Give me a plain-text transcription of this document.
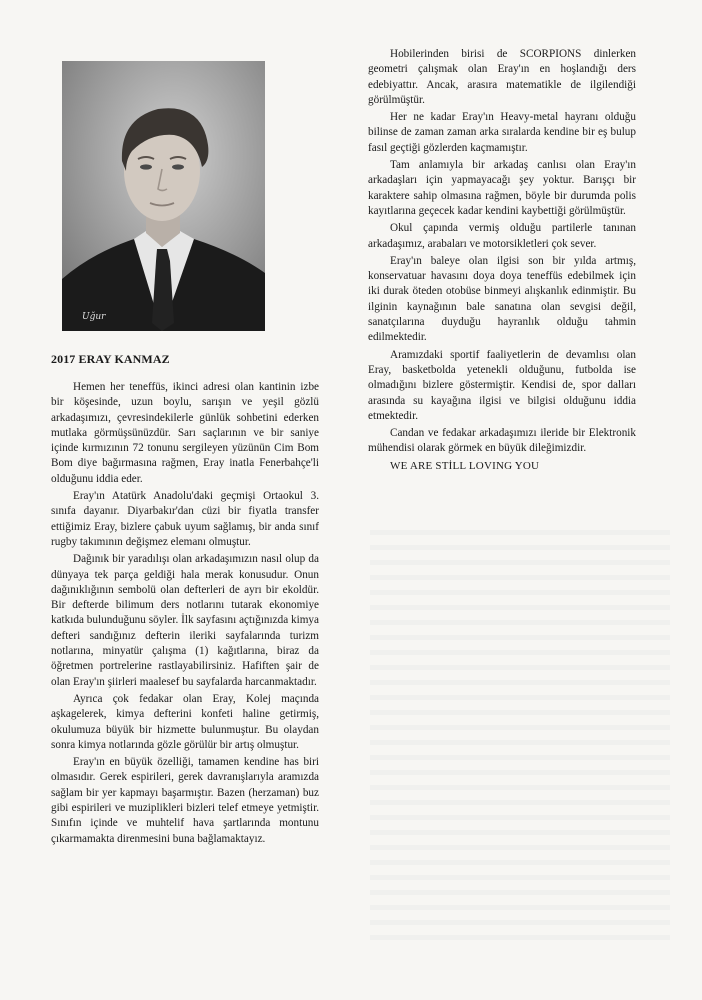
Uğur
2017 ERAY KANMAZ

Hemen her teneffüs, ikinci adresi olan kantinin izbe bir köşesinde, uzun boylu, sarışın ve yeşil gözlü arkadaşımızı, çevresindekilerle günlük sohbetini ederken mutlaka görmüşsünüzdür. Sarı saçlarının ve bir saniye içinde kırmızının 72 tonunu sergileyen yüzünün Cim Bom Bom diye bağırmasına rağmen, Eray inatla Fenerbahçe'li olduğunu iddia eder.

Eray'ın Atatürk Anadolu'daki geçmişi Ortaokul 3. sınıfa dayanır. Diyarbakır'dan cüzi bir fiyatla transfer ettiğimiz Eray, bizlere çabuk uyum sağlamış, bir anda sınıf rugby takımının değişmez elemanı olmuştur.

Dağınık bir yaradılışı olan arkadaşımızın nasıl olup da dünyaya tek parça geldiği hala merak konusudur. Onun dağınıklığının sembolü olan defterleri de ayrı bir ekoldür. Bir defterde bilimum ders notlarını tutarak ekonomiye katkıda bulunduğunu söyler. İlk sayfasını açtığınızda kimya defteri sandığınız defterin ileriki sayfalarında turizm notlarına, minyatür çalışma (1) kağıtlarına, biraz da öğretmen portrelerine rastlayabilirsiniz. Hafiften şair de olan Eray'ın şiirleri maalesef bu sayfalarda harcanmaktadır.

Ayrıca çok fedakar olan Eray, Kolej maçında aşkagelerek, kimya defterini konfeti haline getirmiş, okulumuza büyük bir hizmette bulunmuştur. Bu olaydan sonra kimya notlarında gözle görülür bir artış olmuştur.

Eray'ın en büyük özelliği, tamamen kendine has biri olmasıdır. Gerek espirileri, gerek davranışlarıyla aramızda sağlam bir yer kapmayı başarmıştır. Bazen (herzaman) buz gibi espirileri ve muziplikleri bizleri telef etmeye yetmiştir. Sınıfın içinde ve muhtelif hava şartlarında montunu çıkarmamakta direnmesini buna bağlamaktayız.

Hobilerinden birisi de SCORPIONS dinlerken geometri çalışmak olan Eray'ın en hoşlandığı ders edebiyattır. Ancak, arasıra matematikle de ilgilendiği görülmüştür.

Her ne kadar Eray'ın Heavy-metal hayranı olduğu bilinse de zaman zaman arka sıralarda kendine bir eş bulup fasıl geçtiği gözlerden kaçmamıştır.

Tam anlamıyla bir arkadaş canlısı olan Eray'ın arkadaşları için yapmayacağı şey yoktur. Barışçı bir karaktere sahip olmasına rağmen, böyle bir durumda polis kayıtlarına geçecek kadar kendini kaybettiği görülmüştür.

Okul çapında vermiş olduğu partilerle tanınan arkadaşımız, arabaları ve motorsikletleri çok sever.

Eray'ın baleye olan ilgisi son bir yılda artmış, konservatuar havasını doya doya teneffüs edebilmek için iki durak öteden otobüse binmeyi alışkanlık edinmiştir. Bu ilginin kaynağının bale sanatına olan sevgisi değil, sanatçılarına duyduğu hayranlık olduğu tahmin edilmektedir.

Aramızdaki sportif faaliyetlerin de devamlısı olan Eray, basketbolda yetenekli olduğunu, futbolda ise olmadığını bizlere göstermiştir. Kendisi de, spor dalları arasında su kayağına ilgisi ve bilgisi olduğunu iddia etmektedir.

Candan ve fedakar arkadaşımızı ileride bir Elektronik mühendisi olarak görmek en büyük dileğimizdir.

WE ARE STİLL LOVING YOU
